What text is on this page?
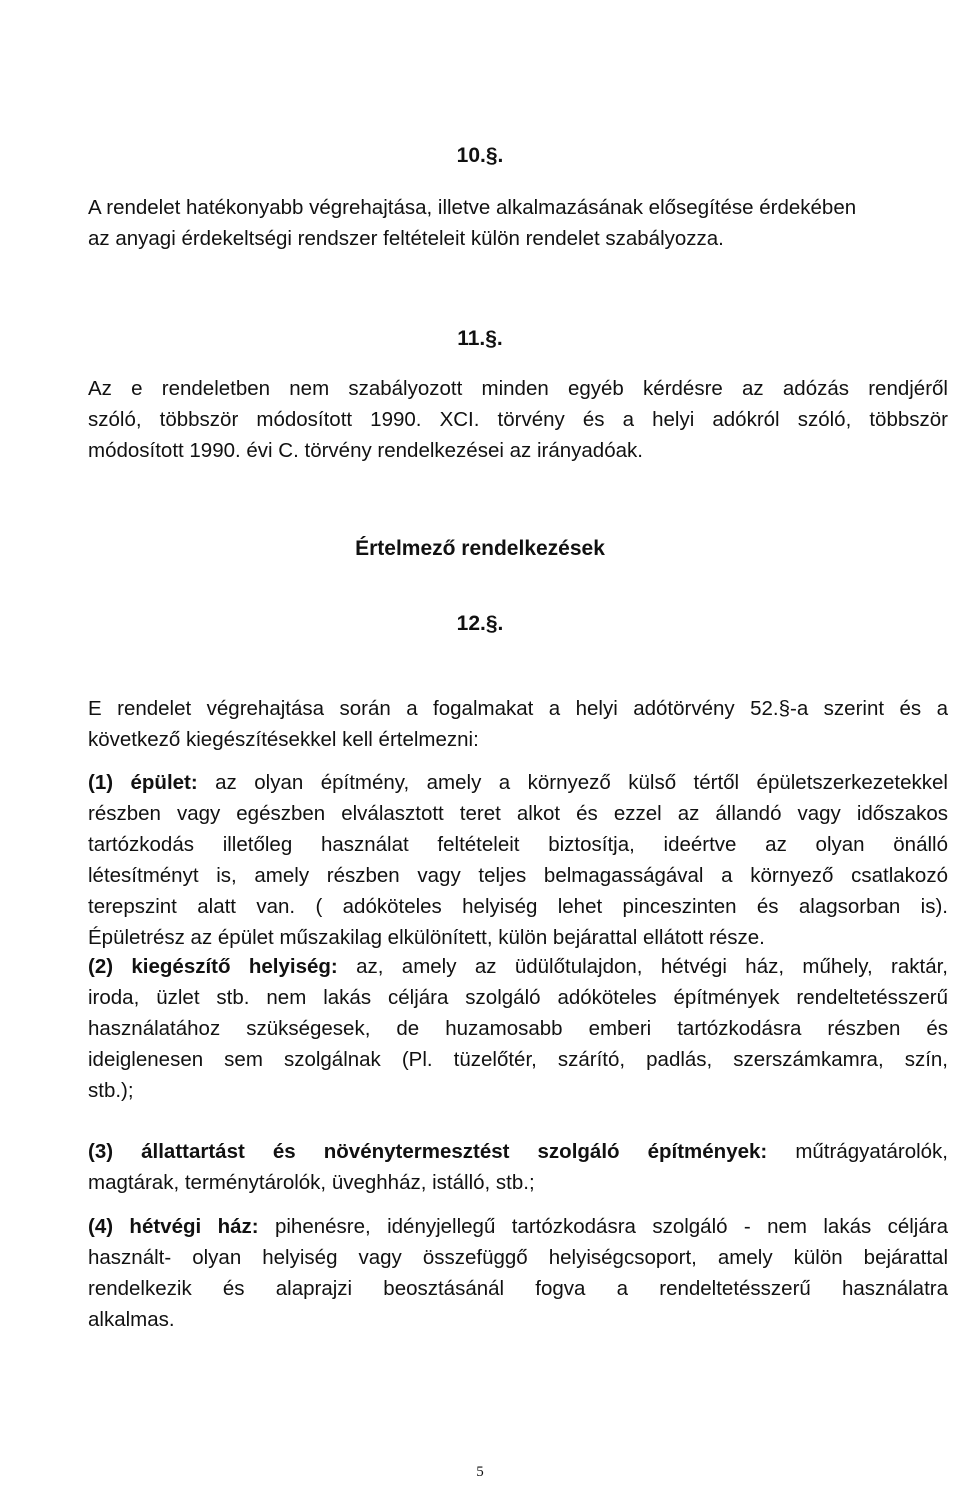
10.§.
A rendelet hatékonyabb végrehajtása, illetve alkalmazásának elősegítése érdekében
az anyagi érdekeltségi rendszer feltételeit külön rendelet szabályozza.
11.§.
Az e rendeletben nem szabályozott minden egyéb kérdésre az adózás rendjéről
szóló, többször módosított 1990. XCI. törvény és a helyi adókról szóló, többször
módosított 1990. évi C. törvény rendelkezései az irányadóak.
Értelmező rendelkezések
12.§.
E rendelet végrehajtása során a fogalmakat a helyi adótörvény 52.§-a szerint és a
következő kiegészítésekkel kell értelmezni:
(1) épület: az olyan építmény, amely a környező külső tértől épületszerkezetekkel
részben vagy egészben elválasztott teret alkot és ezzel az állandó vagy időszakos
tartózkodás illetőleg használat feltételeit biztosítja, ideértve az olyan önálló
létesítményt is, amely részben vagy teljes belmagasságával a környező csatlakozó
terepszint alatt van. ( adóköteles helyiség lehet pinceszinten és alagsorban is).
Épületrész az épület műszakilag elkülönített, külön bejárattal ellátott része.
(2) kiegészítő helyiség: az, amely az üdülőtulajdon, hétvégi ház, műhely, raktár,
iroda, üzlet stb. nem lakás céljára szolgáló adóköteles építmények rendeltetésszerű
használatához szükségesek, de huzamosabb emberi tartózkodásra részben és
ideiglenesen sem szolgálnak (Pl. tüzelőtér, szárító, padlás, szerszámkamra, szín,
stb.);
(3) állattartást és növénytermesztést szolgáló építmények: műtrágyatárolók,
magtárak, terménytárolók, üveghház, istálló, stb.;
(4) hétvégi ház: pihenésre, idényjellegű tartózkodásra szolgáló - nem lakás céljára
használt- olyan helyiség vagy összefüggő helyiségcsoport, amely külön bejárattal
rendelkezik és alaprajzi beosztásánál fogva a rendeltetésszerű használatra
alkalmas.
5
